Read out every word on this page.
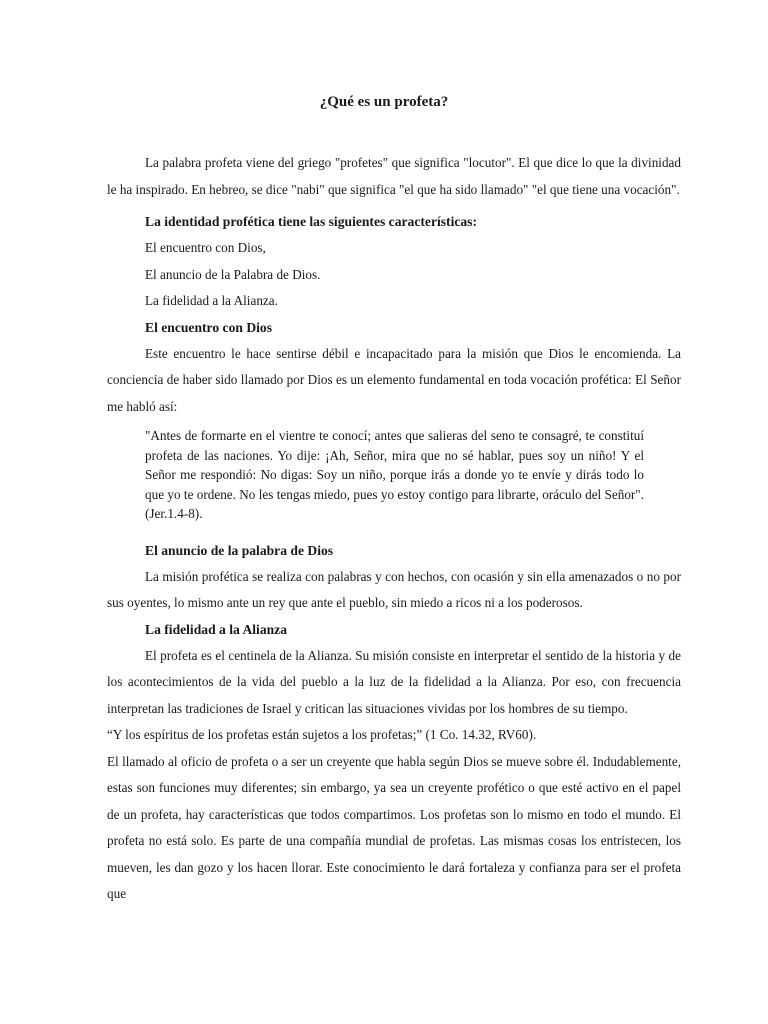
¿Qué es un profeta?

La palabra profeta viene del griego "profetes" que significa "locutor". El que dice lo que la divinidad le ha inspirado. En hebreo, se dice "nabi" que significa "el que ha sido llamado" "el que tiene una vocación".

La identidad profética tiene las siguientes características:

El encuentro con Dios,

El anuncio de la Palabra de Dios.

La fidelidad a la Alianza.

El encuentro con Dios

Este encuentro le hace sentirse débil e incapacitado para la misión que Dios le encomienda. La conciencia de haber sido llamado por Dios es un elemento fundamental en toda vocación profética: El Señor me habló así:

"Antes de formarte en el vientre te conocí; antes que salieras del seno te consagré, te constituí profeta de las naciones. Yo dije: ¡Ah, Señor, mira que no sé hablar, pues soy un niño! Y el Señor me respondió: No digas: Soy un niño, porque irás a donde yo te envíe y dirás todo lo que yo te ordene. No les tengas miedo, pues yo estoy contigo para librarte, oráculo del Señor". (Jer.1.4-8).

El anuncio de la palabra de Dios

La misión profética se realiza con palabras y con hechos, con ocasión y sin ella amenazados o no por sus oyentes, lo mismo ante un rey que ante el pueblo, sin miedo a ricos ni a los poderosos.

La fidelidad a la Alianza

El profeta es el centinela de la Alianza. Su misión consiste en interpretar el sentido de la historia y de los acontecimientos de la vida del pueblo a la luz de la fidelidad a la Alianza. Por eso, con frecuencia interpretan las tradiciones de Israel y critican las situaciones vividas por los hombres de su tiempo.

“Y los espíritus de los profetas están sujetos a los profetas;” (1 Co. 14.32, RV60).

El llamado al oficio de profeta o a ser un creyente que habla según Dios se mueve sobre él. Indudablemente, estas son funciones muy diferentes; sin embargo, ya sea un creyente profético o que esté activo en el papel de un profeta, hay características que todos compartimos. Los profetas son lo mismo en todo el mundo. El profeta no está solo. Es parte de una compañía mundial de profetas. Las mismas cosas los entristecen, los mueven, les dan gozo y los hacen llorar. Este conocimiento le dará fortaleza y confianza para ser el profeta que
